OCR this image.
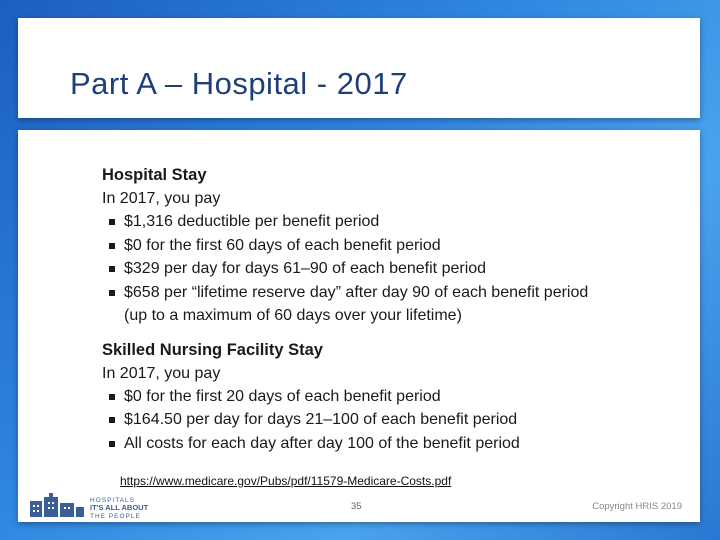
Part A – Hospital - 2017

Hospital Stay

In 2017, you pay

$1,316 deductible per benefit period
$0 for the first 60 days of each benefit period
$329 per day for days 61–90 of each benefit period
$658 per “lifetime reserve day” after day 90 of each benefit period
(up to a maximum of 60 days over your lifetime)

Skilled Nursing Facility Stay

In 2017, you pay

$0 for the first 20 days of each benefit period
$164.50 per day for days 21–100 of each benefit period
All costs for each day after day 100 of the benefit period
https://www.medicare.gov/Pubs/pdf/11579-Medicare-Costs.pdf
HOSPITALS
IT'S ALL ABOUT
THE PEOPLE
35	Copyright HRIS 2019
